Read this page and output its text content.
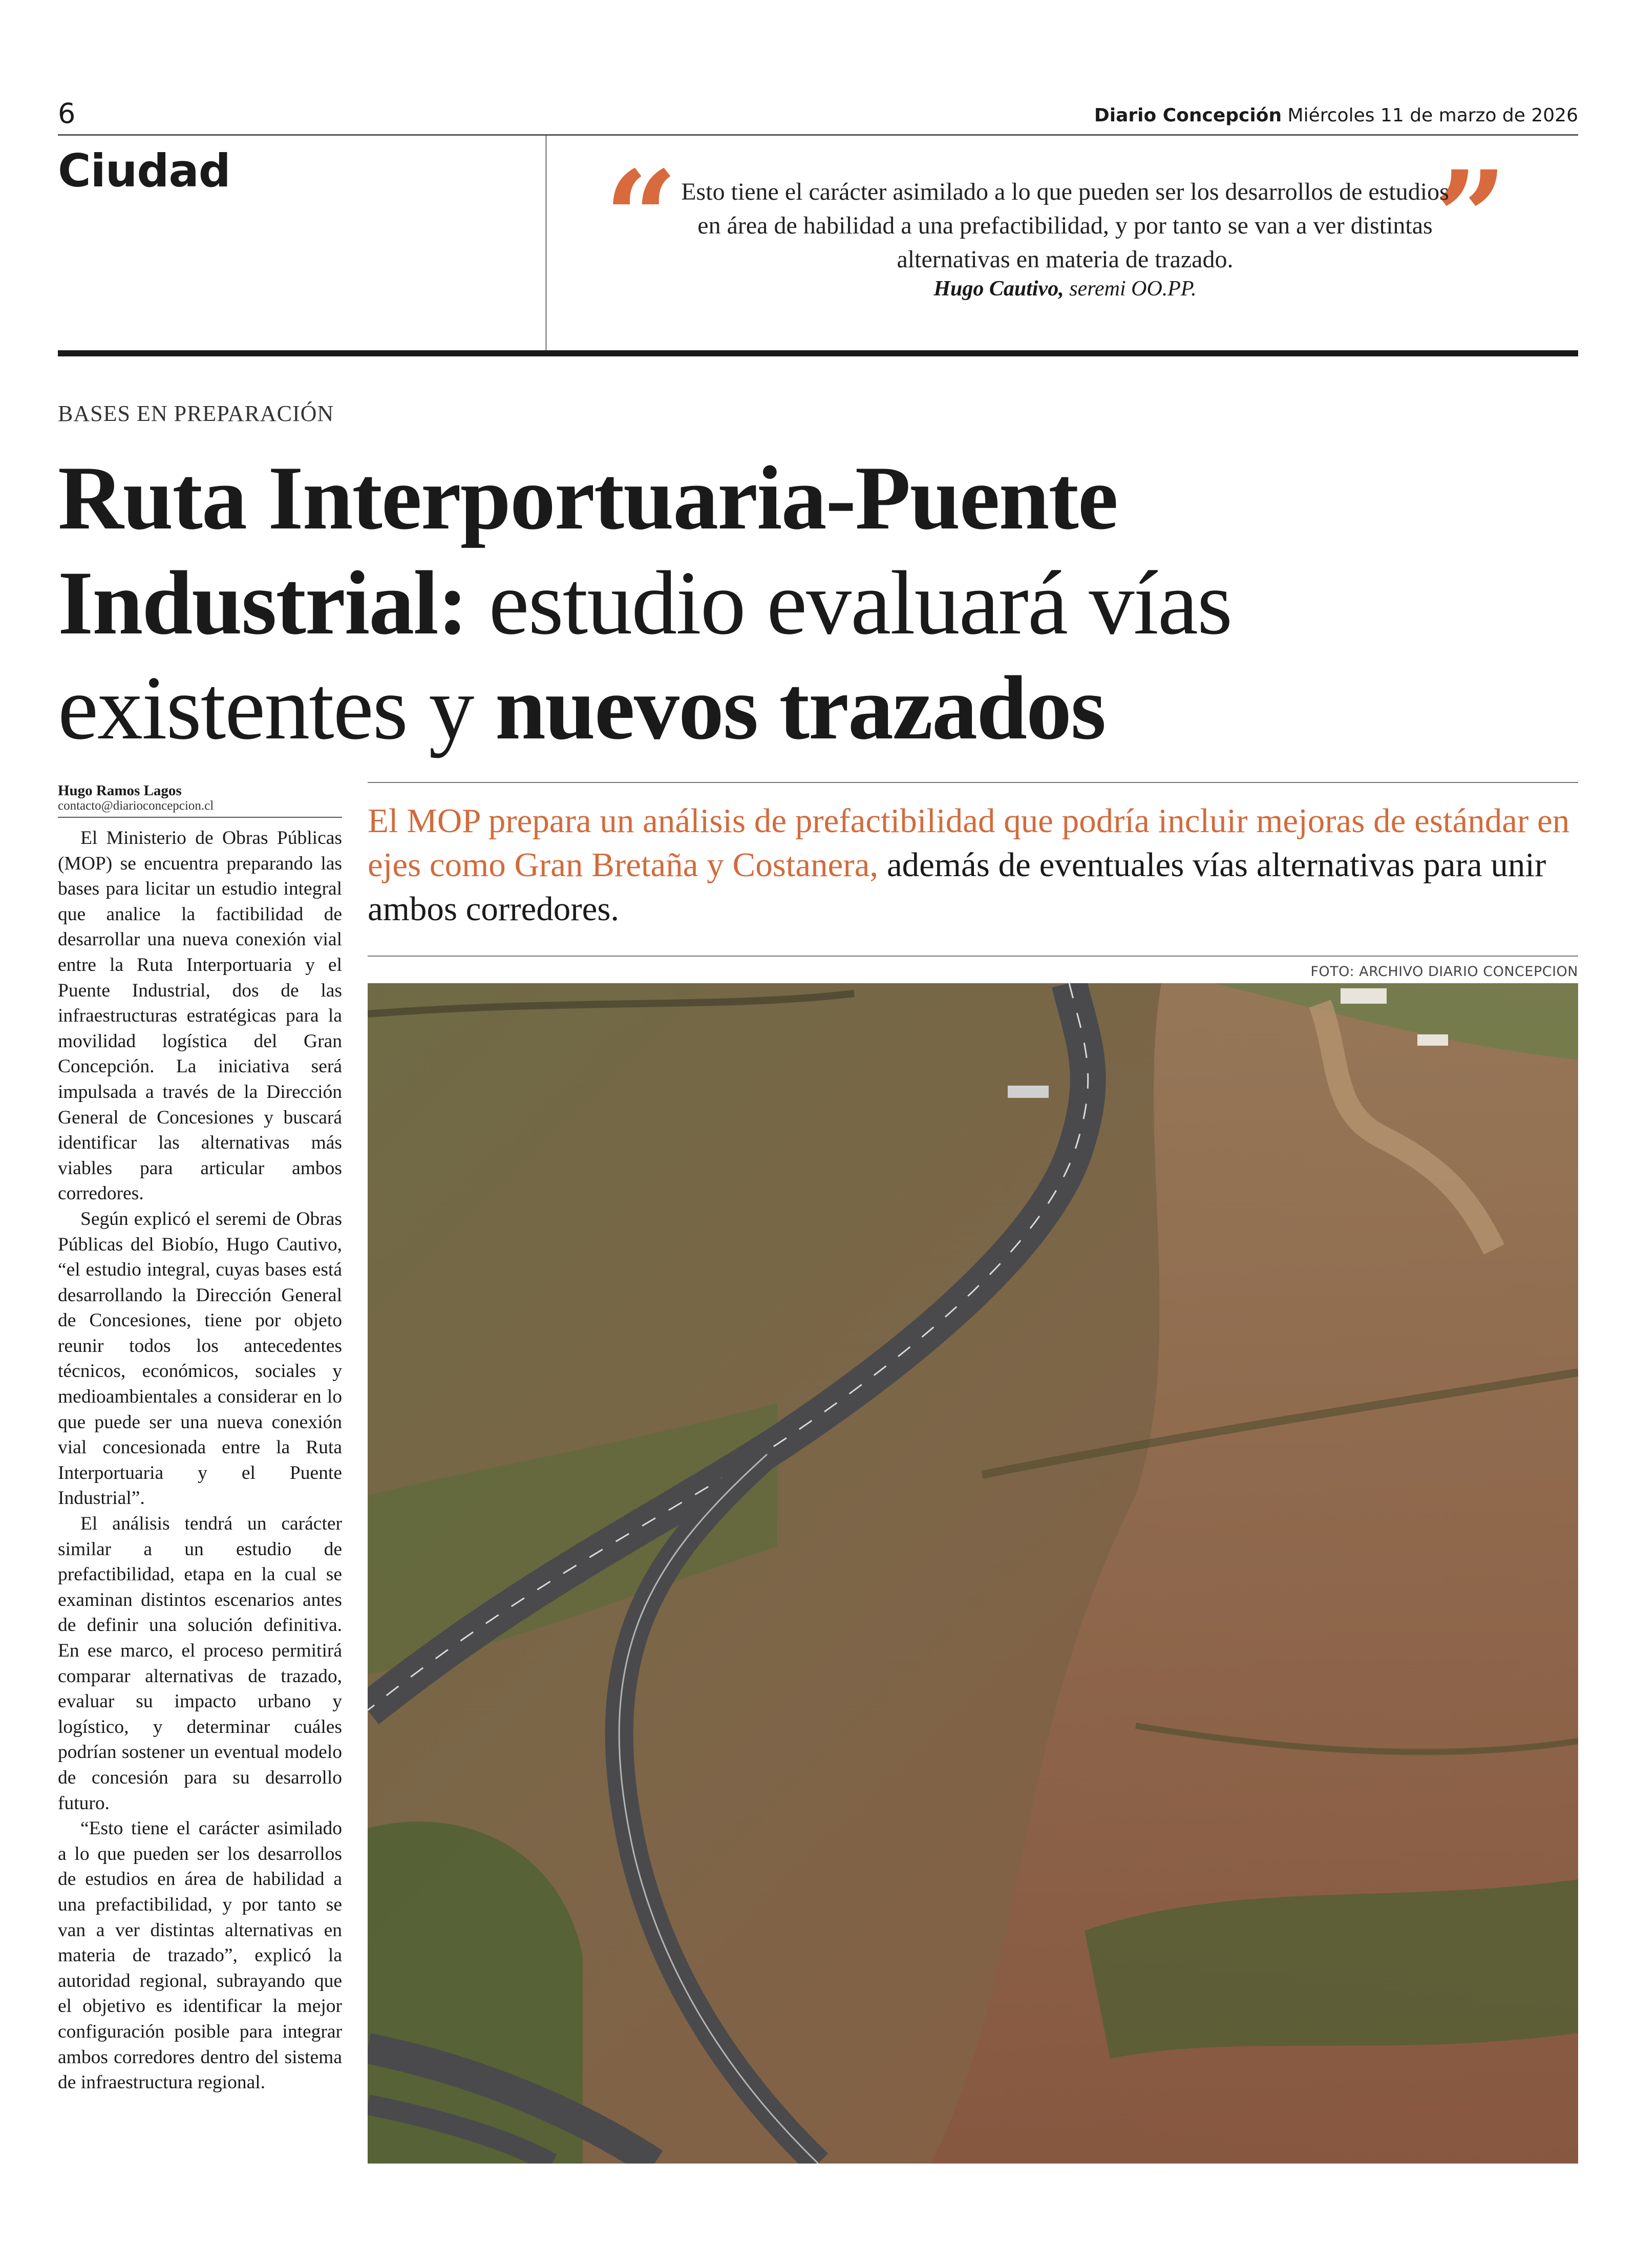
6	Diario Concepción Miércoles 11 de marzo de 2026
Ciudad	“	”
Esto tiene el carácter asimilado a lo que pueden ser los desarrollos de estudios en área de habilidad a una prefactibilidad, y por tanto se van a ver distintas alternativas en materia de trazado.
Hugo Cautivo, seremi OO.PP.
BASES EN PREPARACIÓN
Ruta Interportuaria-Puente Industrial: estudio evaluará vías existentes y nuevos trazados
Hugo Ramos Lagos
contacto@diarioconcepcion.cl

El Ministerio de Obras Públicas (MOP) se encuentra preparando las bases para licitar un estudio integral que analice la factibilidad de desarrollar una nueva conexión vial entre la Ruta Interportuaria y el Puente Industrial, dos de las infraestructuras estratégicas para la movilidad logística del Gran Concepción. La iniciativa será impulsada a través de la Dirección General de Concesiones y buscará identificar las alternativas más viables para articular ambos corredores.

Según explicó el seremi de Obras Públicas del Biobío, Hugo Cautivo, “el estudio integral, cuyas bases está desarrollando la Dirección General de Concesiones, tiene por objeto reunir todos los antecedentes técnicos, económicos, sociales y medioambientales a considerar en lo que puede ser una nueva conexión vial concesionada entre la Ruta Interportuaria y el Puente Industrial”.

El análisis tendrá un carácter similar a un estudio de prefactibilidad, etapa en la cual se examinan distintos escenarios antes de definir una solución definitiva. En ese marco, el proceso permitirá comparar alternativas de trazado, evaluar su impacto urbano y logístico, y determinar cuáles podrían sostener un eventual modelo de concesión para su desarrollo futuro.

“Esto tiene el carácter asimilado a lo que pueden ser los desarrollos de estudios en área de habilidad a una prefactibilidad, y por tanto se van a ver distintas alternativas en materia de trazado”, explicó la autoridad regional, subrayando que el objetivo es identificar la mejor configuración posible para integrar ambos corredores dentro del sistema de infraestructura regional.

El MOP prepara un análisis de prefactibilidad que podría incluir mejoras de estándar en ejes como Gran Bretaña y Costanera, además de eventuales vías alternativas para unir ambos corredores.
FOTO: ARCHIVO DIARIO CONCEPCION
